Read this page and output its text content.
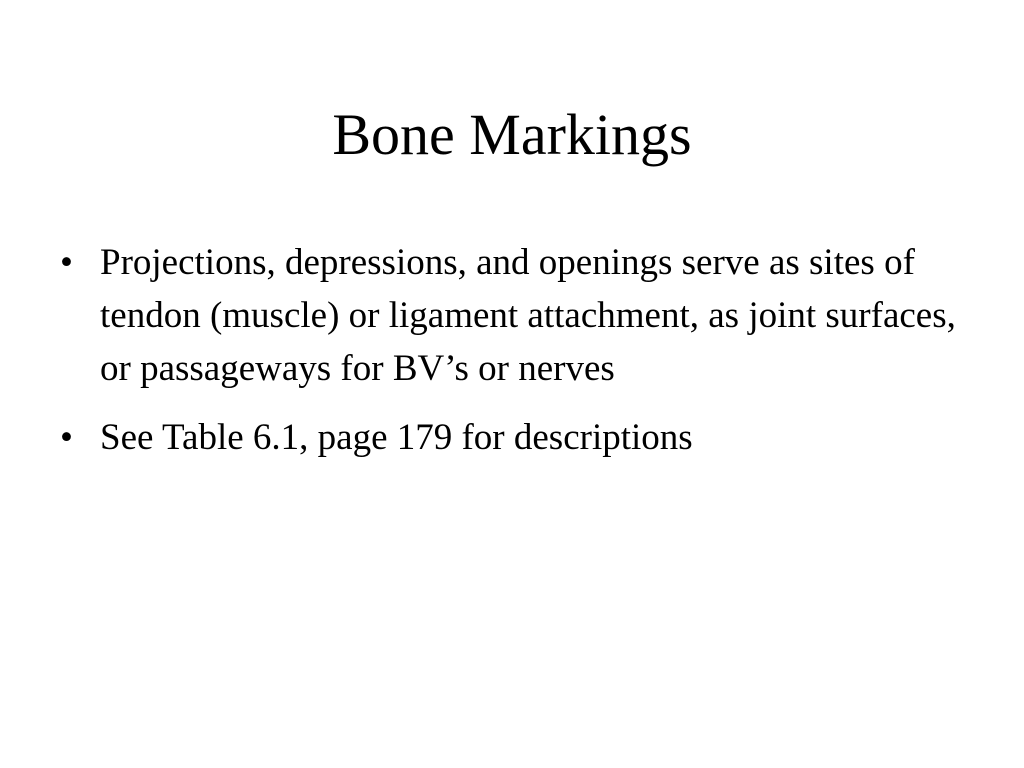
Bone Markings
• Projections, depressions, and openings serve as sites of tendon (muscle) or ligament attachment, as joint surfaces, or passageways for BV’s or nerves
• See Table 6.1, page 179 for descriptions
